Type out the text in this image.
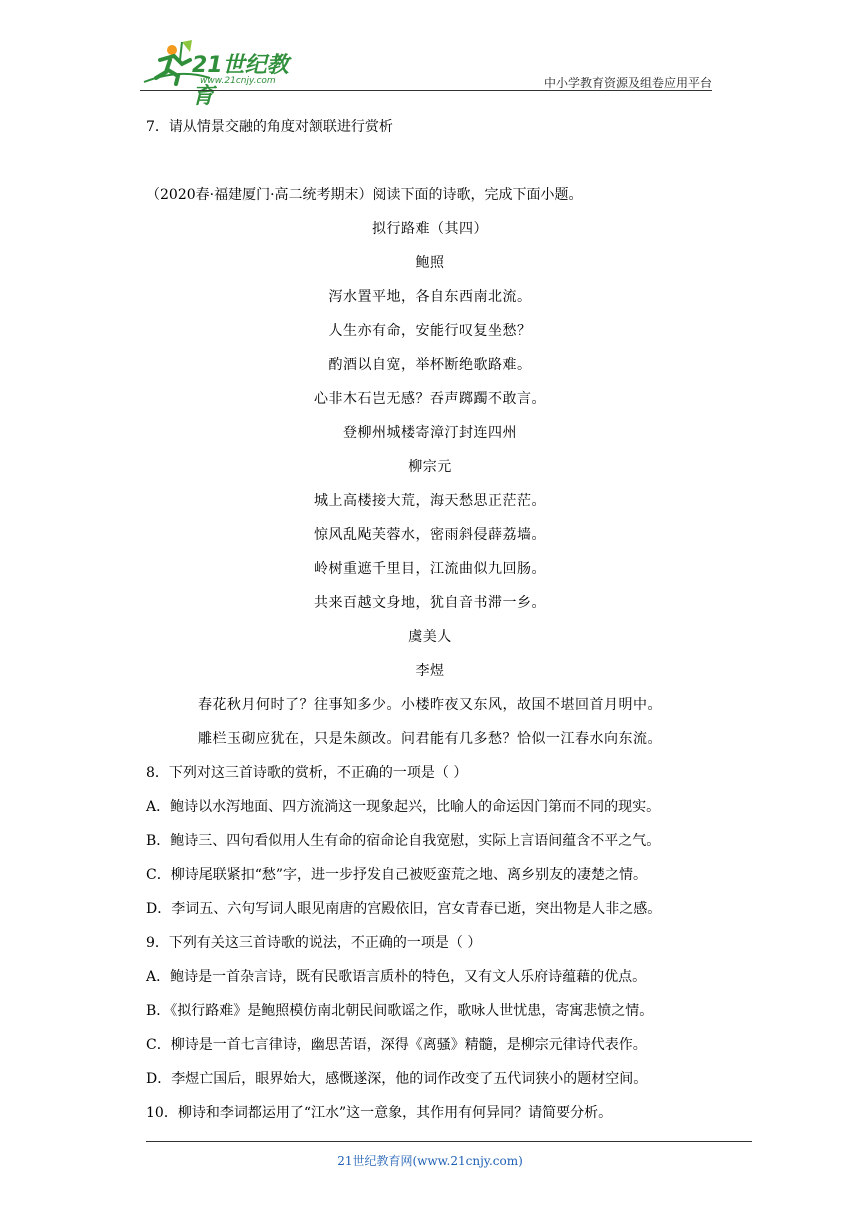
21世纪教育
www.21cnjy.com	中小学教育资源及组卷应用平台
7．请从情景交融的角度对颔联进行赏析
（2020春·福建厦门·高二统考期末）阅读下面的诗歌，完成下面小题。
拟行路难（其四）
鲍照
泻水置平地，各自东西南北流。
人生亦有命，安能行叹复坐愁？
酌酒以自宽，举杯断绝歌路难。
心非木石岂无感？吞声踯躅不敢言。
登柳州城楼寄漳汀封连四州
柳宗元
城上高楼接大荒，海天愁思正茫茫。
惊风乱飐芙蓉水，密雨斜侵薜荔墙。
岭树重遮千里目，江流曲似九回肠。
共来百越文身地，犹自音书滞一乡。
虞美人
李煜
春花秋月何时了？往事知多少。小楼昨夜又东风，故国不堪回首月明中。
雕栏玉砌应犹在，只是朱颜改。问君能有几多愁？恰似一江春水向东流。
8．下列对这三首诗歌的赏析，不正确的一项是（ ）
A．鲍诗以水泻地面、四方流淌这一现象起兴，比喻人的命运因门第而不同的现实。
B．鲍诗三、四句看似用人生有命的宿命论自我宽慰，实际上言语间蕴含不平之气。
C．柳诗尾联紧扣“愁”字，进一步抒发自己被贬蛮荒之地、离乡别友的凄楚之情。
D．李词五、六句写词人眼见南唐的宫殿依旧，宫女青春已逝，突出物是人非之感。
9．下列有关这三首诗歌的说法，不正确的一项是（ ）
A．鲍诗是一首杂言诗，既有民歌语言质朴的特色，又有文人乐府诗蕴藉的优点。
B．《拟行路难》是鲍照模仿南北朝民间歌谣之作，歌咏人世忧患，寄寓悲愤之情。
C．柳诗是一首七言律诗，幽思苦语，深得《离骚》精髓，是柳宗元律诗代表作。
D．李煜亡国后，眼界始大，感慨遂深，他的词作改变了五代词狭小的题材空间。
10．柳诗和李词都运用了“江水”这一意象，其作用有何异同？请简要分析。
21世纪教育网(www.21cnjy.com)
